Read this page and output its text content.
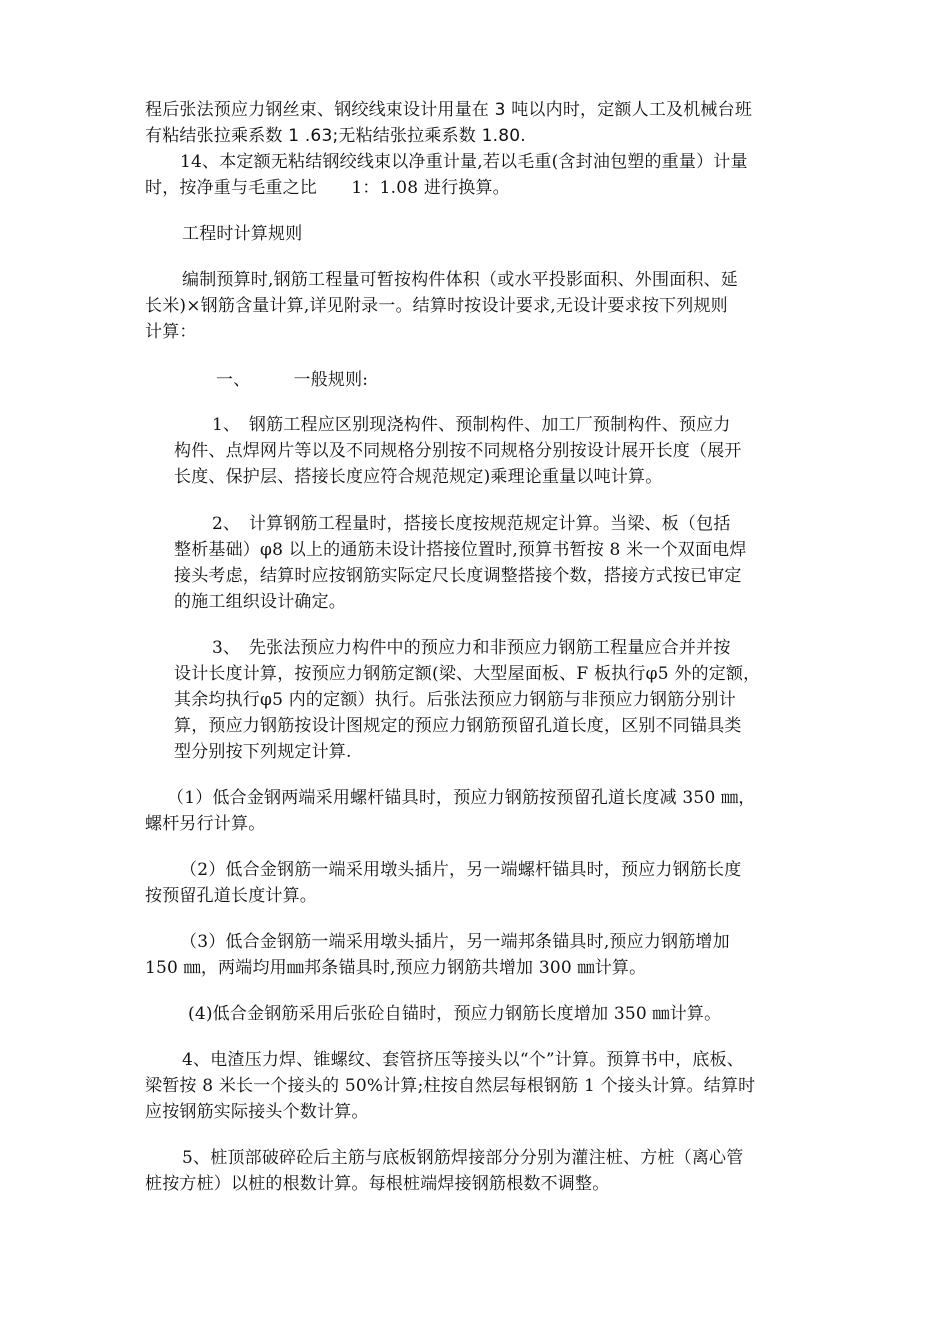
程后张法预应力钢丝束、钢绞线束设计用量在 3 吨以内时，定额人工及机械台班
有粘结张拉乘系数 1 .63;无粘结张拉乘系数 1.80.
14、本定额无粘结钢绞线束以净重计量,若以毛重(含封油包塑的重量）计量
时，按净重与毛重之比　　1：1.08 进行换算。
工程时计算规则
编制预算时,钢筋工程量可暂按构件体积（或水平投影面积、外围面积、延
长米)×钢筋含量计算,详见附录一。结算时按设计要求,无设计要求按下列规则
计算：
一、　　　一般规则:
1、　钢筋工程应区别现浇构件、预制构件、加工厂预制构件、预应力
构件、点焊网片等以及不同规格分别按不同规格分别按设计展开长度（展开
长度、保护层、搭接长度应符合规范规定)乘理论重量以吨计算。
2、　计算钢筋工程量时，搭接长度按规范规定计算。当梁、板（包括
整析基础）φ8 以上的通筋未设计搭接位置时,预算书暂按 8 米一个双面电焊
接头考虑，结算时应按钢筋实际定尺长度调整搭接个数，搭接方式按已审定
的施工组织设计确定。
3、　先张法预应力构件中的预应力和非预应力钢筋工程量应合并并按
设计长度计算，按预应力钢筋定额(梁、大型屋面板、F 板执行φ5 外的定额，
其余均执行φ5 内的定额）执行。后张法预应力钢筋与非预应力钢筋分别计
算，预应力钢筋按设计图规定的预应力钢筋预留孔道长度，区别不同锚具类
型分别按下列规定计算.
（1）低合金钢两端采用螺杆锚具时，预应力钢筋按预留孔道长度减 350 ㎜，
螺杆另行计算。
（2）低合金钢筋一端采用墩头插片，另一端螺杆锚具时，预应力钢筋长度
按预留孔道长度计算。
（3）低合金钢筋一端采用墩头插片，另一端邦条锚具时,预应力钢筋增加
150 ㎜，两端均用㎜邦条锚具时,预应力钢筋共增加 300 ㎜计算。
(4)低合金钢筋采用后张砼自锚时，预应力钢筋长度增加 350 ㎜计算。
4、电渣压力焊、锥螺纹、套管挤压等接头以“个”计算。预算书中，底板、
梁暂按 8 米长一个接头的 50%计算;柱按自然层每根钢筋 1 个接头计算。结算时
应按钢筋实际接头个数计算。
5、桩顶部破碎砼后主筋与底板钢筋焊接部分分别为灌注桩、方桩（离心管
桩按方桩）以桩的根数计算。每根桩端焊接钢筋根数不调整。
